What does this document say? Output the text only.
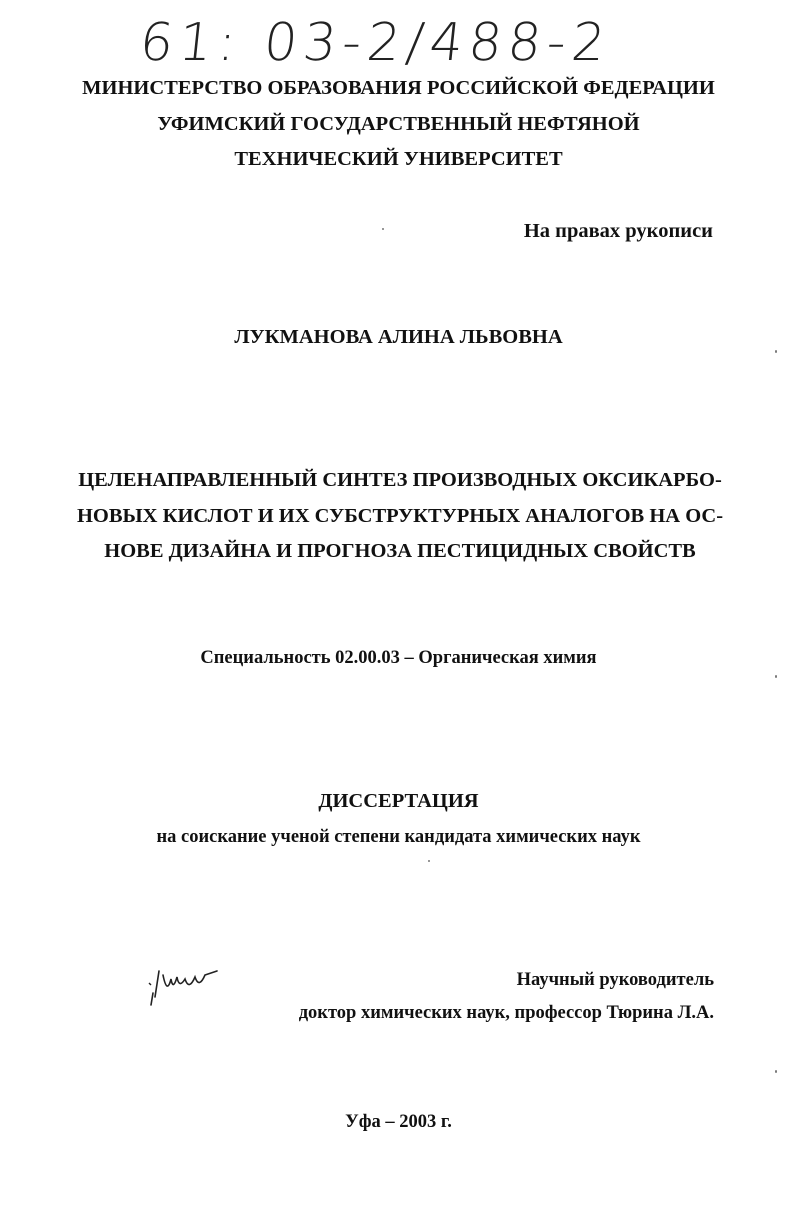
61: 03-2/488-2
МИНИСТЕРСТВО ОБРАЗОВАНИЯ РОССИЙСКОЙ ФЕДЕРАЦИИ
УФИМСКИЙ ГОСУДАРСТВЕННЫЙ НЕФТЯНОЙ
ТЕХНИЧЕСКИЙ УНИВЕРСИТЕТ
На правах рукописи
ЛУКМАНОВА АЛИНА ЛЬВОВНА
ЦЕЛЕНАПРАВЛЕННЫЙ СИНТЕЗ ПРОИЗВОДНЫХ ОКСИКАРБО-
НОВЫХ КИСЛОТ И ИХ СУБСТРУКТУРНЫХ АНАЛОГОВ НА ОС-
НОВЕ ДИЗАЙНА И ПРОГНОЗА ПЕСТИЦИДНЫХ СВОЙСТВ
Специальность 02.00.03 – Органическая химия
ДИССЕРТАЦИЯ
на соискание ученой степени кандидата химических наук
Научный руководитель
доктор химических наук, профессор Тюрина Л.А.
Уфа – 2003 г.
